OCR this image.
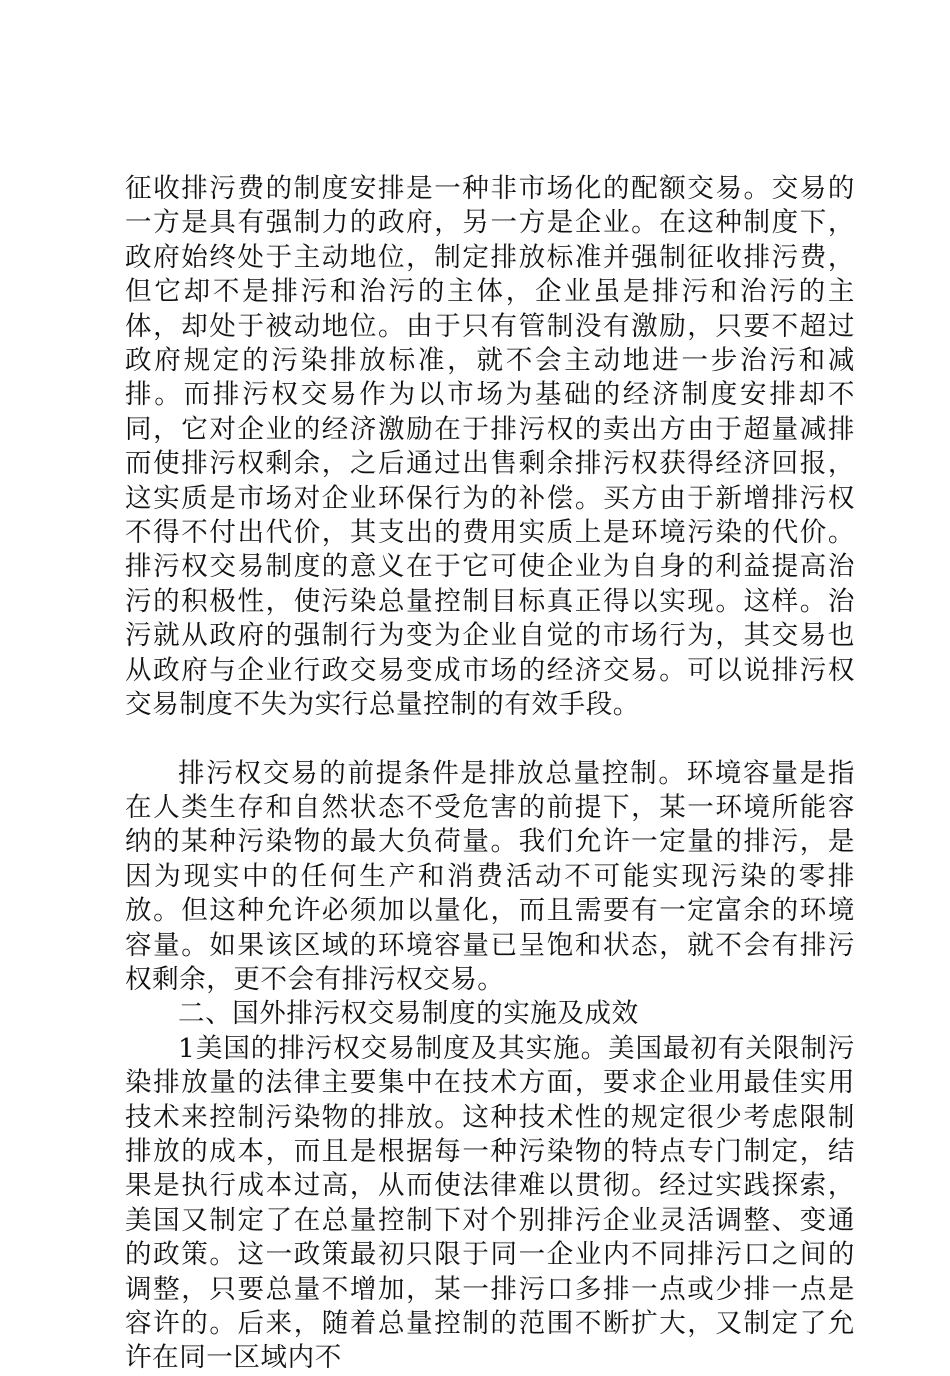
征收排污费的制度安排是一种非市场化的配额交易。交易的一方是具有强制力的政府，另一方是企业。在这种制度下，政府始终处于主动地位，制定排放标准并强制征收排污费，但它却不是排污和治污的主体，企业虽是排污和治污的主体，却处于被动地位。由于只有管制没有激励，只要不超过政府规定的污染排放标准，就不会主动地进一步治污和减排。而排污权交易作为以市场为基础的经济制度安排却不同，它对企业的经济激励在于排污权的卖出方由于超量减排而使排污权剩余，之后通过出售剩余排污权获得经济回报，这实质是市场对企业环保行为的补偿。买方由于新增排污权不得不付出代价，其支出的费用实质上是环境污染的代价。排污权交易制度的意义在于它可使企业为自身的利益提高治污的积极性，使污染总量控制目标真正得以实现。这样。治污就从政府的强制行为变为企业自觉的市场行为，其交易也从政府与企业行政交易变成市场的经济交易。可以说排污权交易制度不失为实行总量控制的有效手段。

排污权交易的前提条件是排放总量控制。环境容量是指在人类生存和自然状态不受危害的前提下，某一环境所能容纳的某种污染物的最大负荷量。我们允许一定量的排污，是因为现实中的任何生产和消费活动不可能实现污染的零排放。但这种允许必须加以量化，而且需要有一定富余的环境容量。如果该区域的环境容量已呈饱和状态，就不会有排污权剩余，更不会有排污权交易。

二、国外排污权交易制度的实施及成效

1美国的排污权交易制度及其实施。美国最初有关限制污染排放量的法律主要集中在技术方面，要求企业用最佳实用技术来控制污染物的排放。这种技术性的规定很少考虑限制排放的成本，而且是根据每一种污染物的特点专门制定，结果是执行成本过高，从而使法律难以贯彻。经过实践探索，美国又制定了在总量控制下对个别排污企业灵活调整、变通的政策。这一政策最初只限于同一企业内不同排污口之间的调整，只要总量不增加，某一排污口多排一点或少排一点是容许的。后来，随着总量控制的范围不断扩大，又制定了允许在同一区域内不
